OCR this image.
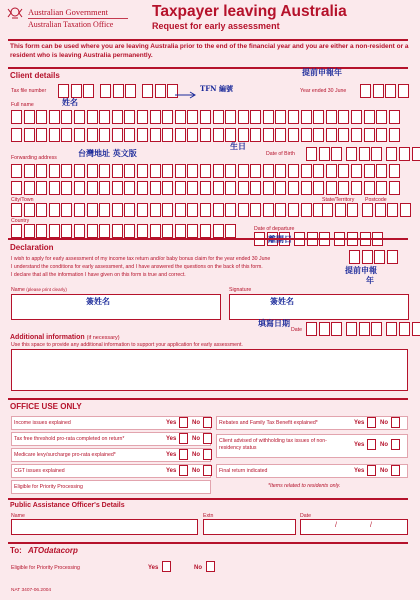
Australian Government
Australian Taxation Office
Taxpayer leaving Australia
Request for early assessment
This form can be used where you are leaving Australia prior to the end of the financial year and you are either a non-resident or a resident who is leaving Australia permanently.
Client details	提前申報年
Tax file number	TFN 編號	Year ended 30 June
Full name	姓名
生日
Forwarding address	台灣地址 英文版	Date of Birth
City/Town	State/Territory Postcode
Country
Date of departure
Declaration
I wish to apply for early assessment of my income tax return and/or baby bonus claim for the year ended 30 June
I understand the conditions for early assessment, and I have answered the questions on the back of this form.
I declare that all the information I have given on this form is true and correct.	提前申報
年
Name (please print clearly)
簽姓名
Signature
簽姓名
填寫日期
Date
Additional information (if necessary)
Use this space to provide any additional information to support your application for early assessment.
OFFICE USE ONLY
*Items related to residents only.
Public Assistance Officer's Details
Name	Extn	Date
/	/
To: ATOdatacorp
Eligible for Priority Processing	Yes	No
NAT 3407-06.2004
Income issues explained	Yes	No
Tax free threshold pro-rata completed on return*	Yes	No
Medicare levy/surcharge pro-rata explained*	Yes	No
CGT issues explained	Yes	No
Eligible for Priority Processing
Rebates and Family Tax Benefit explained*	Yes	No
Client advised of withholding tax issues of non-residency status	Yes	No
Final return indicated	Yes	No
